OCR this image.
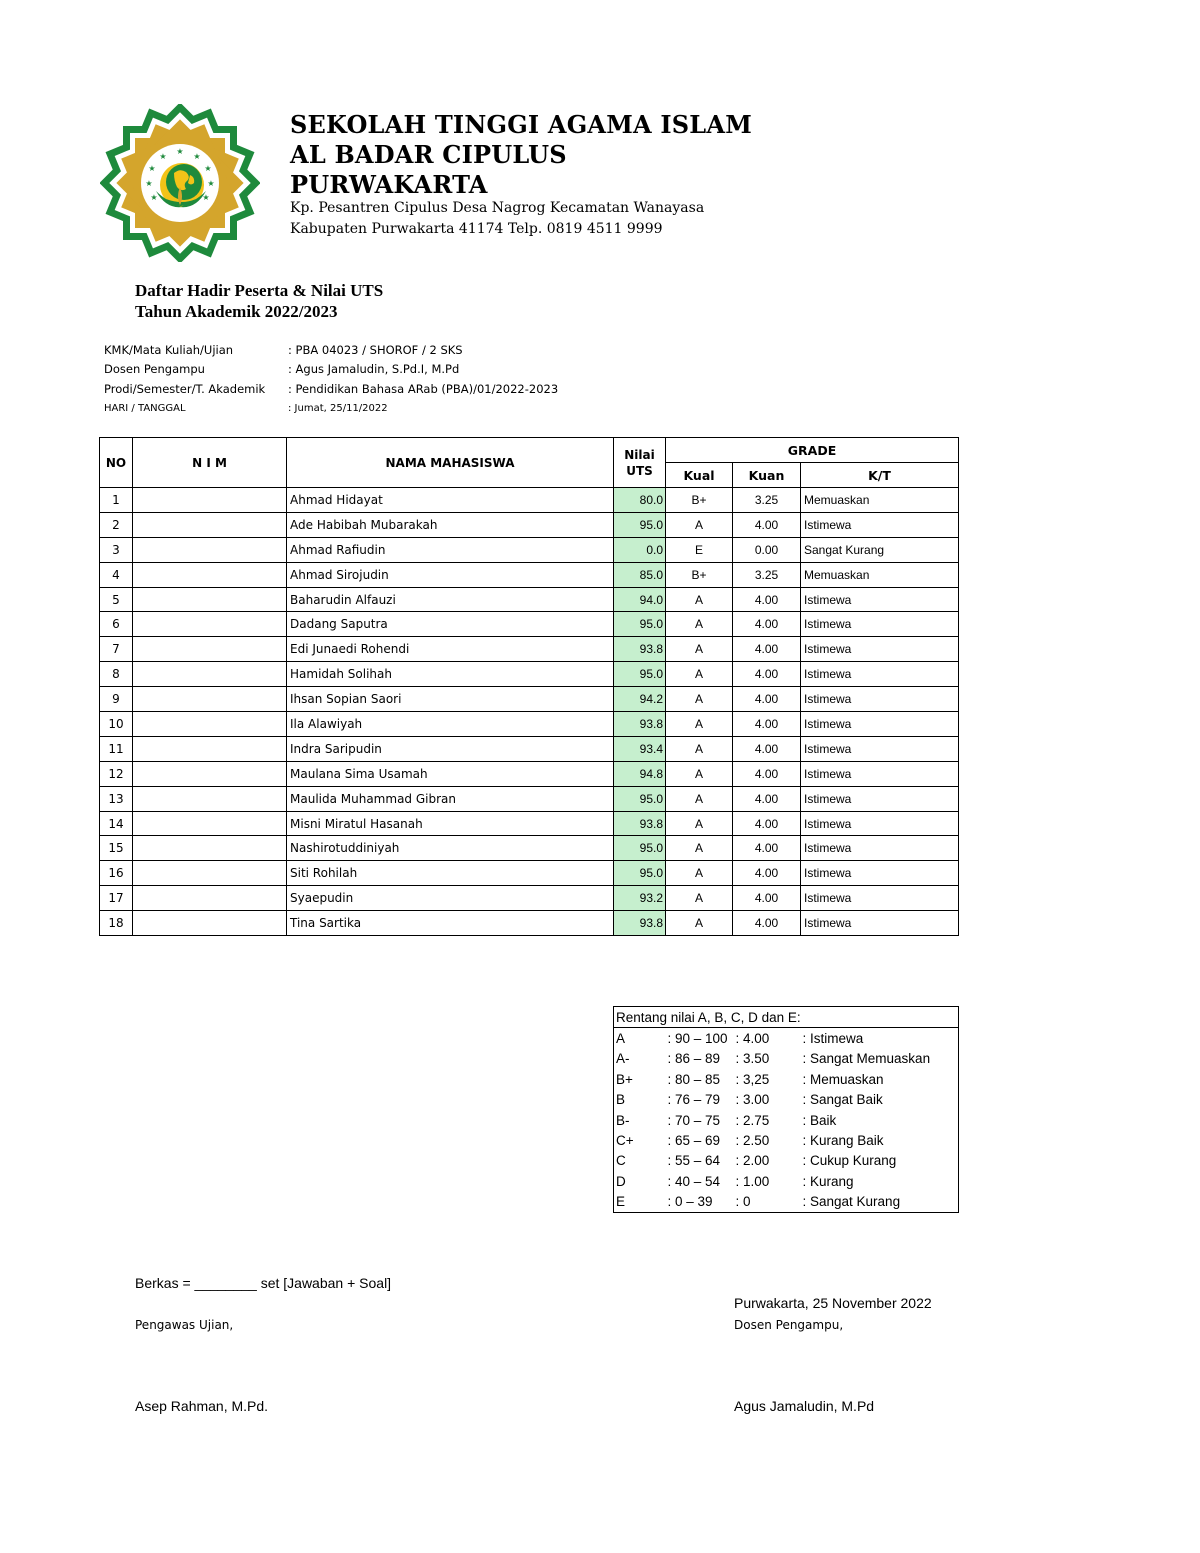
★
★	★
★	★
★	★
★	★
SEKOLAH TINGGI AGAMA ISLAM
AL BADAR CIPULUS
PURWAKARTA
Kp. Pesantren Cipulus Desa Nagrog Kecamatan Wanayasa
Kabupaten Purwakarta 41174 Telp. 0819 4511 9999
Daftar Hadir Peserta & Nilai UTS
Tahun Akademik 2022/2023
KMK/Mata Kuliah/Ujian	: PBA 04023 / SHOROF / 2 SKS
Dosen Pengampu	: Agus Jamaludin, S.Pd.I, M.Pd
Prodi/Semester/T. Akademik : Pendidikan Bahasa ARab (PBA)/01/2022-2023
HARI / TANGGAL	: Jumat, 25/11/2022
NO	N I M	NAMA MAHASISWA	Nilai
UTS	GRADE		
				Kual	Kuan	K/T
1		Ahmad Hidayat	80.0	B+	3.25	Memuaskan
2		Ade Habibah Mubarakah	95.0	A	4.00	Istimewa
3		Ahmad Rafiudin	0.0	E	0.00	Sangat Kurang
4		Ahmad Sirojudin	85.0	B+	3.25	Memuaskan
5		Baharudin Alfauzi	94.0	A	4.00	Istimewa
6		Dadang Saputra	95.0	A	4.00	Istimewa
7		Edi Junaedi Rohendi	93.8	A	4.00	Istimewa
8		Hamidah Solihah	95.0	A	4.00	Istimewa
9		Ihsan Sopian Saori	94.2	A	4.00	Istimewa
10		Ila Alawiyah	93.8	A	4.00	Istimewa
11		Indra Saripudin	93.4	A	4.00	Istimewa
12		Maulana Sima Usamah	94.8	A	4.00	Istimewa
13		Maulida Muhammad Gibran	95.0	A	4.00	Istimewa
14		Misni Miratul Hasanah	93.8	A	4.00	Istimewa
15		Nashirotuddiniyah	95.0	A	4.00	Istimewa
16		Siti Rohilah	95.0	A	4.00	Istimewa
17		Syaepudin	93.2	A	4.00	Istimewa
18		Tina Sartika	93.8	A	4.00	Istimewa
Rentang nilai A, B, C, D dan E:			
A	: 90 – 100	: 4.00	: Istimewa
A-	: 86 – 89	: 3.50	: Sangat Memuaskan
B+	: 80 – 85	: 3,25	: Memuaskan
B	: 76 – 79	: 3.00	: Sangat Baik
B-	: 70 – 75	: 2.75	: Baik
C+	: 65 – 69	: 2.50	: Kurang Baik
C	: 55 – 64	: 2.00	: Cukup Kurang
D	: 40 – 54	: 1.00	: Kurang
E	: 0 – 39	: 0	: Sangat Kurang
Berkas = ________ set [Jawaban + Soal]
Purwakarta, 25 November 2022
Pengawas Ujian,	Dosen Pengampu,
Asep Rahman, M.Pd.	Agus Jamaludin, M.Pd
